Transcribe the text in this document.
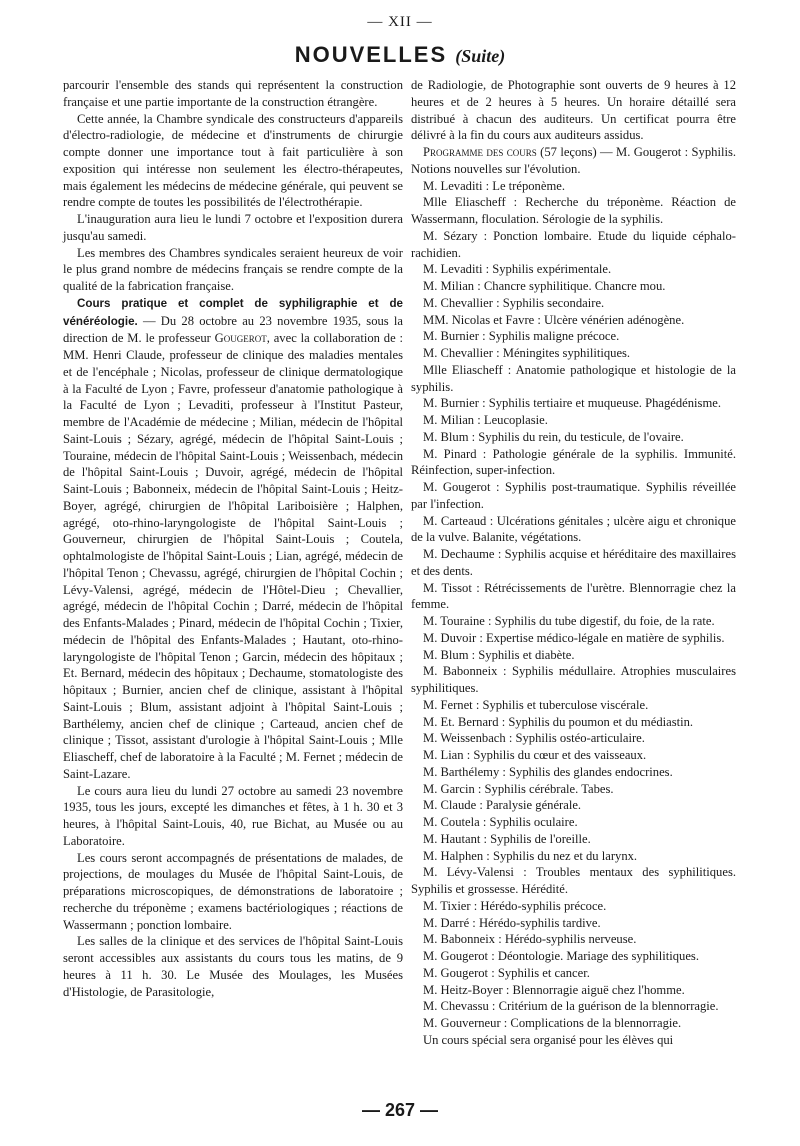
— XII —
NOUVELLES (Suite)

parcourir l'ensemble des stands qui représentent la construction française et une partie importante de la construction étrangère.

Cette année, la Chambre syndicale des constructeurs d'appareils d'électro-radiologie, de médecine et d'instruments de chirurgie compte donner une importance tout à fait particulière à son exposition qui intéresse non seulement les électro-thérapeutes, mais également les médecins de médecine générale, qui peuvent se rendre compte de toutes les possibilités de l'électrothérapie.

L'inauguration aura lieu le lundi 7 octobre et l'exposition durera jusqu'au samedi.

Les membres des Chambres syndicales seraient heureux de voir le plus grand nombre de médecins français se rendre compte de la qualité de la fabrication française.

Cours pratique et complet de syphiligraphie et de vénéréologie. — Du 28 octobre au 23 novembre 1935, sous la direction de M. le professeur Gougerot, avec la collaboration de : MM. Henri Claude, professeur de clinique des maladies mentales et de l'encéphale ; Nicolas, professeur de clinique dermatologique à la Faculté de Lyon ; Favre, professeur d'anatomie pathologique à la Faculté de Lyon ; Levaditi, professeur à l'Institut Pasteur, membre de l'Académie de médecine ; Milian, médecin de l'hôpital Saint-Louis ; Sézary, agrégé, médecin de l'hôpital Saint-Louis ; Touraine, médecin de l'hôpital Saint-Louis ; Weissenbach, médecin de l'hôpital Saint-Louis ; Duvoir, agrégé, médecin de l'hôpital Saint-Louis ; Babonneix, médecin de l'hôpital Saint-Louis ; Heitz-Boyer, agrégé, chirurgien de l'hôpital Lariboisière ; Halphen, agrégé, oto-rhino-laryngologiste de l'hôpital Saint-Louis ; Gouverneur, chirurgien de l'hôpital Saint-Louis ; Coutela, ophtalmologiste de l'hôpital Saint-Louis ; Lian, agrégé, médecin de l'hôpital Tenon ; Chevassu, agrégé, chirurgien de l'hôpital Cochin ; Lévy-Valensi, agrégé, médecin de l'Hôtel-Dieu ; Chevallier, agrégé, médecin de l'hôpital Cochin ; Darré, médecin de l'hôpital des Enfants-Malades ; Pinard, médecin de l'hôpital Cochin ; Tixier, médecin de l'hôpital des Enfants-Malades ; Hautant, oto-rhino-laryngologiste de l'hôpital Tenon ; Garcin, médecin des hôpitaux ; Et. Bernard, médecin des hôpitaux ; Dechaume, stomatologiste des hôpitaux ; Burnier, ancien chef de clinique, assistant à l'hôpital Saint-Louis ; Blum, assistant adjoint à l'hôpital Saint-Louis ; Barthélemy, ancien chef de clinique ; Carteaud, ancien chef de clinique ; Tissot, assistant d'urologie à l'hôpital Saint-Louis ; Mlle Eliascheff, chef de laboratoire à la Faculté ; M. Fernet ; médecin de Saint-Lazare.

Le cours aura lieu du lundi 27 octobre au samedi 23 novembre 1935, tous les jours, excepté les dimanches et fêtes, à 1 h. 30 et 3 heures, à l'hôpital Saint-Louis, 40, rue Bichat, au Musée ou au Laboratoire.

Les cours seront accompagnés de présentations de malades, de projections, de moulages du Musée de l'hôpital Saint-Louis, de préparations microscopiques, de démonstrations de laboratoire ; recherche du tréponème ; examens bactériologiques ; réactions de Wassermann ; ponction lombaire.

Les salles de la clinique et des services de l'hôpital Saint-Louis seront accessibles aux assistants du cours tous les matins, de 9 heures à 11 h. 30. Le Musée des Moulages, les Musées d'Histologie, de Parasitologie,

de Radiologie, de Photographie sont ouverts de 9 heures à 12 heures et de 2 heures à 5 heures. Un horaire détaillé sera distribué à chacun des auditeurs. Un certificat pourra être délivré à la fin du cours aux auditeurs assidus.

Programme des cours (57 leçons) — M. Gougerot : Syphilis. Notions nouvelles sur l'évolution.

M. Levaditi : Le tréponème.

Mlle Eliascheff : Recherche du tréponème. Réaction de Wassermann, floculation. Sérologie de la syphilis.

M. Sézary : Ponction lombaire. Etude du liquide céphalo-rachidien.

M. Levaditi : Syphilis expérimentale.

M. Milian : Chancre syphilitique. Chancre mou.

M. Chevallier : Syphilis secondaire.

MM. Nicolas et Favre : Ulcère vénérien adénogène.

M. Burnier : Syphilis maligne précoce.

M. Chevallier : Méningites syphilitiques.

Mlle Eliascheff : Anatomie pathologique et histologie de la syphilis.

M. Burnier : Syphilis tertiaire et muqueuse. Phagédénisme.

M. Milian : Leucoplasie.

M. Blum : Syphilis du rein, du testicule, de l'ovaire.

M. Pinard : Pathologie générale de la syphilis. Immunité. Réinfection, super-infection.

M. Gougerot : Syphilis post-traumatique. Syphilis réveillée par l'infection.

M. Carteaud : Ulcérations génitales ; ulcère aigu et chronique de la vulve. Balanite, végétations.

M. Dechaume : Syphilis acquise et héréditaire des maxillaires et des dents.

M. Tissot : Rétrécissements de l'urètre. Blennorragie chez la femme.

M. Touraine : Syphilis du tube digestif, du foie, de la rate.

M. Duvoir : Expertise médico-légale en matière de syphilis.

M. Blum : Syphilis et diabète.

M. Babonneix : Syphilis médullaire. Atrophies musculaires syphilitiques.

M. Fernet : Syphilis et tuberculose viscérale.

M. Et. Bernard : Syphilis du poumon et du médiastin.

M. Weissenbach : Syphilis ostéo-articulaire.

M. Lian : Syphilis du cœur et des vaisseaux.

M. Barthélemy : Syphilis des glandes endocrines.

M. Garcin : Syphilis cérébrale. Tabes.

M. Claude : Paralysie générale.

M. Coutela : Syphilis oculaire.

M. Hautant : Syphilis de l'oreille.

M. Halphen : Syphilis du nez et du larynx.

M. Lévy-Valensi : Troubles mentaux des syphilitiques. Syphilis et grossesse. Hérédité.

M. Tixier : Hérédo-syphilis précoce.

M. Darré : Hérédo-syphilis tardive.

M. Babonneix : Hérédo-syphilis nerveuse.

M. Gougerot : Déontologie. Mariage des syphilitiques.

M. Gougerot : Syphilis et cancer.

M. Heitz-Boyer : Blennorragie aiguë chez l'homme.

M. Chevassu : Critérium de la guérison de la blennorragie.

M. Gouverneur : Complications de la blennorragie.

Un cours spécial sera organisé pour les élèves qui

— 267 —
